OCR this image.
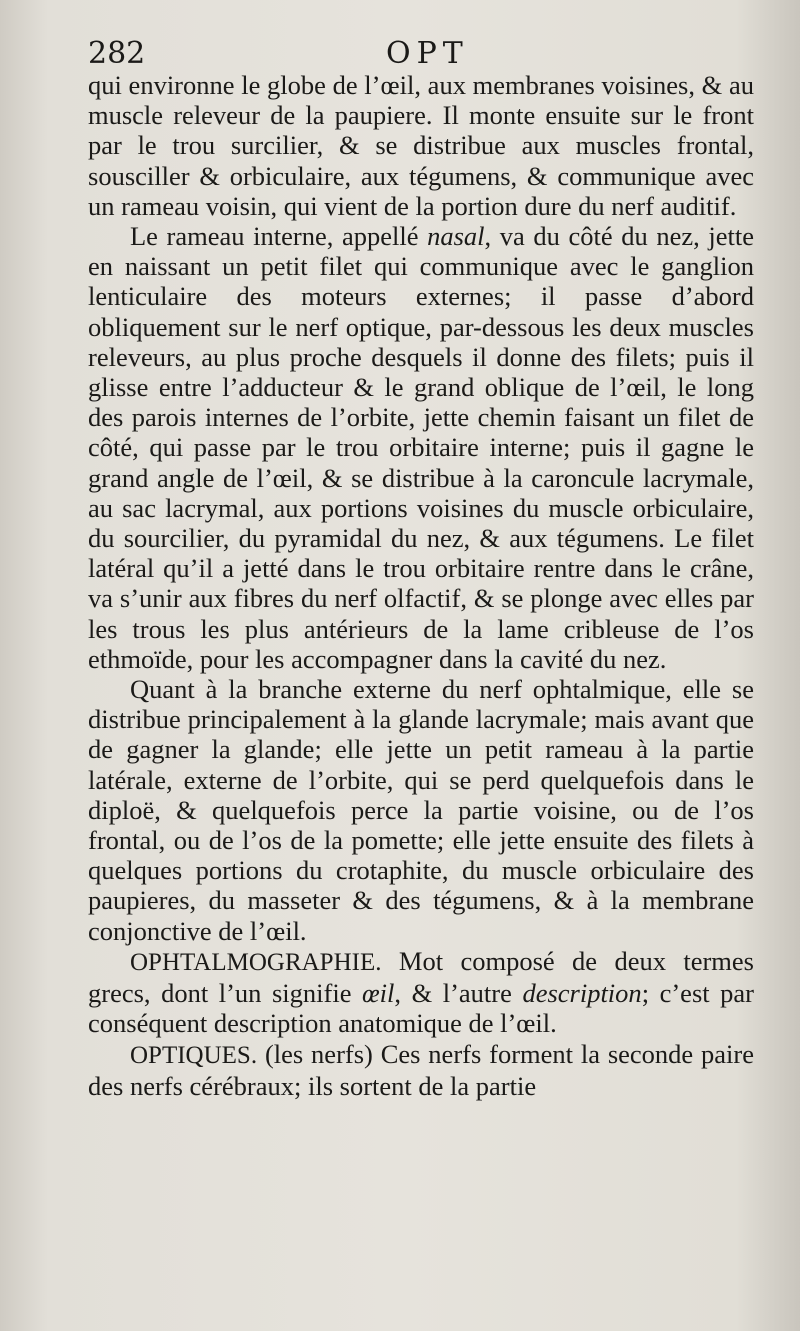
282	OPT

qui environne le globe de l’œil, aux membranes voisines, & au muscle releveur de la paupiere. Il monte ensuite sur le front par le trou surcilier, & se distribue aux muscles frontal, sousciller & orbiculaire, aux tégumens, & communique avec un rameau voisin, qui vient de la portion dure du nerf auditif.

Le rameau interne, appellé nasal, va du côté du nez, jette en naissant un petit filet qui communique avec le ganglion lenticulaire des moteurs externes; il passe d’abord obliquement sur le nerf optique, par-dessous les deux muscles releveurs, au plus proche desquels il donne des filets; puis il glisse entre l’adducteur & le grand oblique de l’œil, le long des parois internes de l’orbite, jette chemin faisant un filet de côté, qui passe par le trou orbitaire interne; puis il gagne le grand angle de l’œil, & se distribue à la caroncule lacrymale, au sac lacrymal, aux portions voisines du muscle orbiculaire, du sourcilier, du pyramidal du nez, & aux tégumens. Le filet latéral qu’il a jetté dans le trou orbitaire rentre dans le crâne, va s’unir aux fibres du nerf olfactif, & se plonge avec elles par les trous les plus antérieurs de la lame cribleuse de l’os ethmoïde, pour les accompagner dans la cavité du nez.

Quant à la branche externe du nerf ophtalmique, elle se distribue principalement à la glande lacrymale; mais avant que de gagner la glande; elle jette un petit rameau à la partie latérale, externe de l’orbite, qui se perd quelquefois dans le diploë, & quelquefois perce la partie voisine, ou de l’os frontal, ou de l’os de la pomette; elle jette ensuite des filets à quelques portions du crotaphite, du muscle orbiculaire des paupieres, du masseter & des tégumens, & à la membrane conjonctive de l’œil.

OPHTALMOGRAPHIE. Mot composé de deux termes grecs, dont l’un signifie œil, & l’autre description; c’est par conséquent description anatomique de l’œil.

OPTIQUES. (les nerfs) Ces nerfs forment la seconde paire des nerfs cérébraux; ils sortent de la partie
